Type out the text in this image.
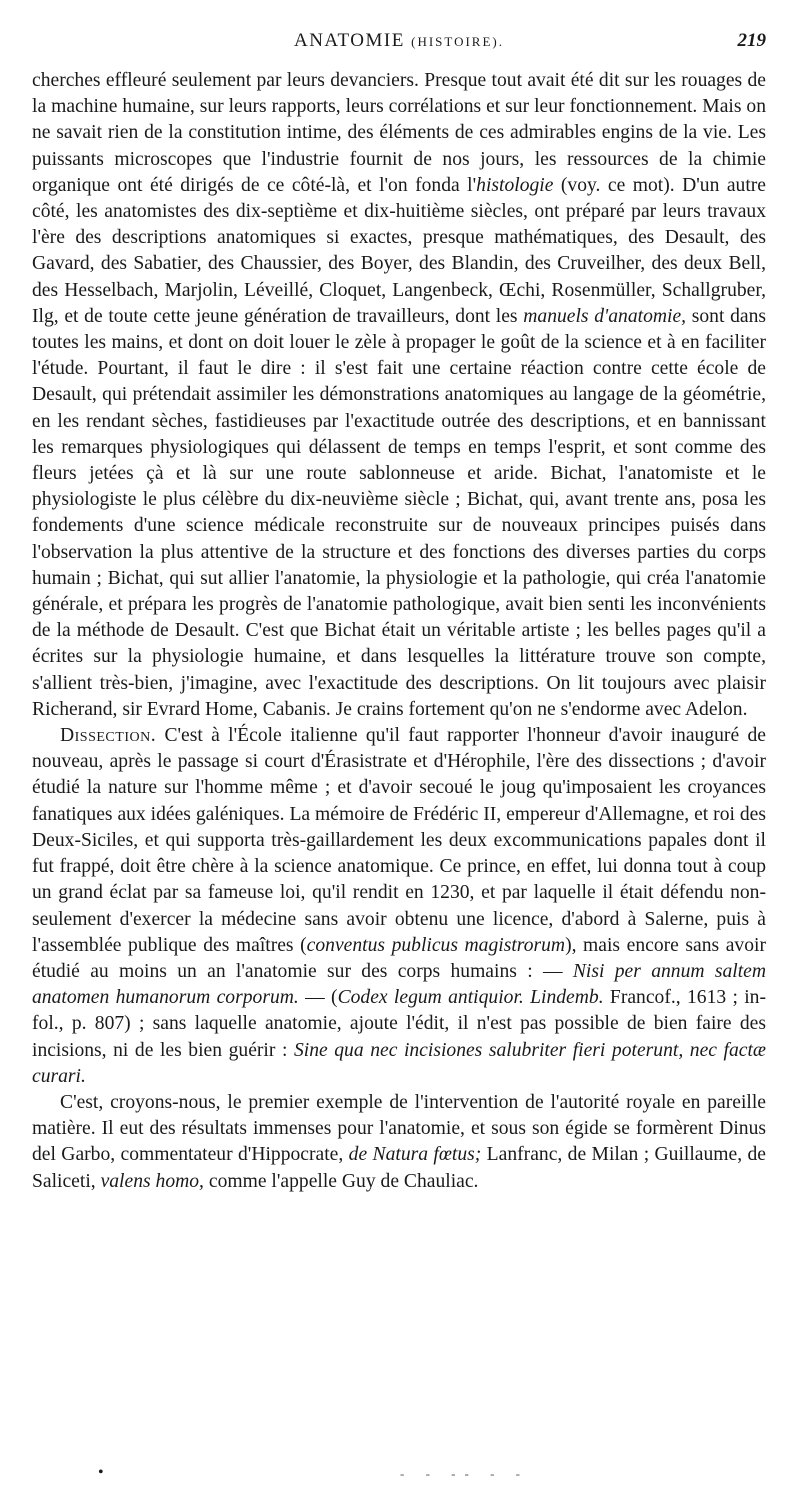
ANATOMIE (HISTOIRE).	219

cherches effleuré seulement par leurs devanciers. Presque tout avait été dit sur les rouages de la machine humaine, sur leurs rapports, leurs corrélations et sur leur fonctionnement. Mais on ne savait rien de la constitution intime, des éléments de ces admirables engins de la vie. Les puissants microscopes que l'industrie fournit de nos jours, les ressources de la chimie organique ont été dirigés de ce côté-là, et l'on fonda l'histologie (voy. ce mot). D'un autre côté, les anatomistes des dix-septième et dix-huitième siècles, ont préparé par leurs travaux l'ère des descriptions anatomiques si exactes, presque mathématiques, des Desault, des Gavard, des Sabatier, des Chaussier, des Boyer, des Blandin, des Cruveilher, des deux Bell, des Hesselbach, Marjolin, Léveillé, Cloquet, Langenbeck, Œchi, Rosenmüller, Schallgruber, Ilg, et de toute cette jeune génération de travailleurs, dont les manuels d'anatomie, sont dans toutes les mains, et dont on doit louer le zèle à propager le goût de la science et à en faciliter l'étude. Pourtant, il faut le dire : il s'est fait une certaine réaction contre cette école de Desault, qui prétendait assimiler les démonstrations anatomiques au langage de la géométrie, en les rendant sèches, fastidieuses par l'exactitude outrée des descriptions, et en bannissant les remarques physiologiques qui délassent de temps en temps l'esprit, et sont comme des fleurs jetées çà et là sur une route sablonneuse et aride. Bichat, l'anatomiste et le physiologiste le plus célèbre du dix-neuvième siècle ; Bichat, qui, avant trente ans, posa les fondements d'une science médicale reconstruite sur de nouveaux principes puisés dans l'observation la plus attentive de la structure et des fonctions des diverses parties du corps humain ; Bichat, qui sut allier l'anatomie, la physiologie et la pathologie, qui créa l'anatomie générale, et prépara les progrès de l'anatomie pathologique, avait bien senti les inconvénients de la méthode de Desault. C'est que Bichat était un véritable artiste ; les belles pages qu'il a écrites sur la physiologie humaine, et dans lesquelles la littérature trouve son compte, s'allient très-bien, j'imagine, avec l'exactitude des descriptions. On lit toujours avec plaisir Richerand, sir Evrard Home, Cabanis. Je crains fortement qu'on ne s'endorme avec Adelon.

Dissection. C'est à l'École italienne qu'il faut rapporter l'honneur d'avoir inauguré de nouveau, après le passage si court d'Érasistrate et d'Hérophile, l'ère des dissections ; d'avoir étudié la nature sur l'homme même ; et d'avoir secoué le joug qu'imposaient les croyances fanatiques aux idées galéniques. La mémoire de Frédéric II, empereur d'Allemagne, et roi des Deux-Siciles, et qui supporta très-gaillardement les deux excommunications papales dont il fut frappé, doit être chère à la science anatomique. Ce prince, en effet, lui donna tout à coup un grand éclat par sa fameuse loi, qu'il rendit en 1230, et par laquelle il était défendu non-seulement d'exercer la médecine sans avoir obtenu une licence, d'abord à Salerne, puis à l'assemblée publique des maîtres (conventus publicus magistrorum), mais encore sans avoir étudié au moins un an l'anatomie sur des corps humains : — Nisi per annum saltem anatomen humanorum corporum. — (Codex legum antiquior. Lindemb. Francof., 1613 ; in-fol., p. 807) ; sans laquelle anatomie, ajoute l'édit, il n'est pas possible de bien faire des incisions, ni de les bien guérir : Sine qua nec incisiones salubriter fieri poterunt, nec factæ curari.

C'est, croyons-nous, le premier exemple de l'intervention de l'autorité royale en pareille matière. Il eut des résultats immenses pour l'anatomie, et sous son égide se formèrent Dinus del Garbo, commentateur d'Hippocrate, de Natura fœtus; Lanfranc, de Milan ; Guillaume, de Saliceti, valens homo, comme l'appelle Guy de Chauliac.

•	- - -- - -
